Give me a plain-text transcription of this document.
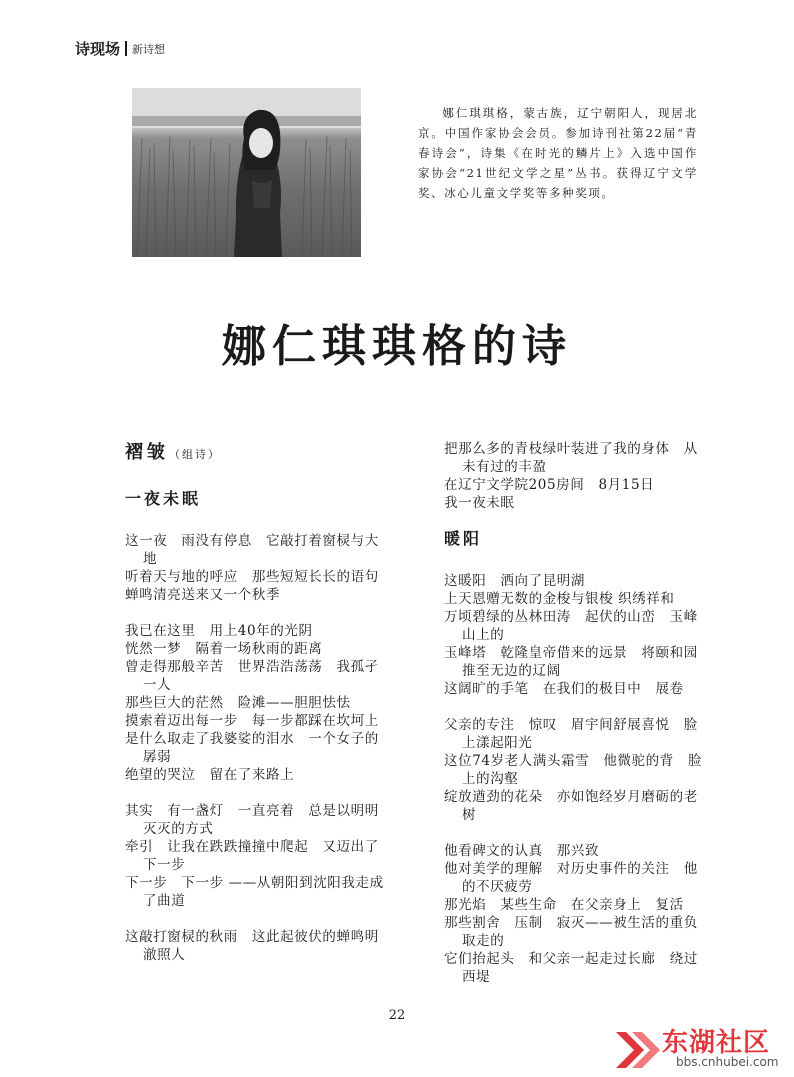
诗现场 新诗想
娜仁琪琪格，蒙古族，辽宁朝阳人，现居北京。中国作家协会会员。参加诗刊社第22届“青春诗会”，诗集《在时光的鳞片上》入选中国作家协会“21世纪文学之星”丛书。获得辽宁文学奖、冰心儿童文学奖等多种奖项。
娜仁琪琪格的诗
褶皱（组诗）
一夜未眠
这一夜　雨没有停息　它敲打着窗棂与大地
听着天与地的呼应　那些短短长长的语句
蝉鸣清亮送来又一个秋季
我已在这里　用上40年的光阴
恍然一梦　隔着一场秋雨的距离
曾走得那般辛苦　世界浩浩荡荡　我孤孑一人
那些巨大的茫然　险滩——胆胆怯怯
摸索着迈出每一步　每一步都踩在坎坷上
是什么取走了我婆娑的泪水　一个女子的孱弱
绝望的哭泣　留在了来路上
其实　有一盏灯　一直亮着　总是以明明灭灭的方式
牵引　让我在跌跌撞撞中爬起　又迈出了下一步
下一步　下一步 ——从朝阳到沈阳我走成了曲道
这敲打窗棂的秋雨　这此起彼伏的蝉鸣明澈照人
把那么多的青枝绿叶装进了我的身体　从未有过的丰盈
在辽宁文学院205房间　8月15日
我一夜未眠
暖阳
这暖阳　洒向了昆明湖
上天恩赠无数的金梭与银梭 织绣祥和
万顷碧绿的丛林田涛　起伏的山峦　玉峰山上的
玉峰塔　乾隆皇帝借来的远景　将颐和园推至无边的辽阔
这阔旷的手笔　在我们的极目中　展卷
父亲的专注　惊叹　眉宇间舒展喜悦　脸上漾起阳光
这位74岁老人满头霜雪　他微驼的背　脸上的沟壑
绽放遒劲的花朵　亦如饱经岁月磨砺的老树
他看碑文的认真　那兴致
他对美学的理解　对历史事件的关注　他的不厌疲劳
那光焰　某些生命　在父亲身上　复活
那些割舍　压制　寂灭——被生活的重负取走的
它们抬起头　和父亲一起走过长廊　绕过西堤
22
东湖社区
bbs.cnhubei.com
